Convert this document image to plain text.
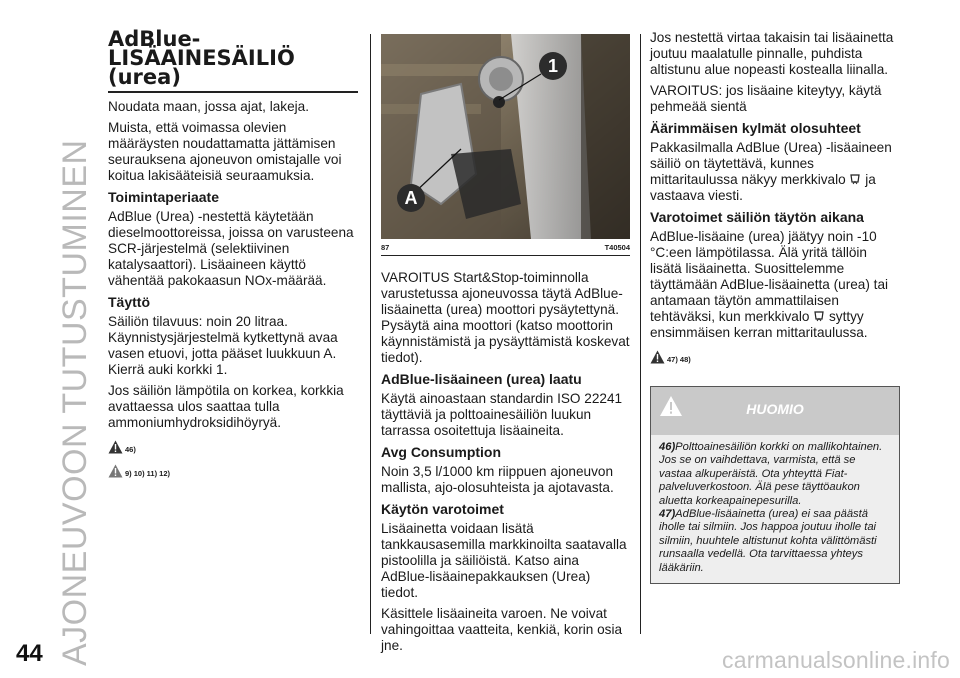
AJONEUVOON TUTUSTUMINEN
44	carmanualsonline.info
AdBlue-
LISÄAINESÄILIÖ
(urea)

Noudata maan, jossa ajat, lakeja.

Muista, että voimassa olevien määräysten noudattamatta jättämisen seurauksena ajoneuvon omistajalle voi koitua lakisääteisiä seuraamuksia.

Toimintaperiaate

AdBlue (Urea) -nestettä käytetään dieselmoottoreissa, joissa on varusteena SCR-järjestelmä (selektiivinen katalysaattori). Lisäaineen käyttö vähentää pakokaasun NOx-määrää.

Täyttö

Säiliön tilavuus: noin 20 litraa. Käynnistysjärjestelmä kytkettynä avaa vasen etuovi, jotta pääset luukkuun A. Kierrä auki korkki 1.

Jos säiliön lämpötila on korkea, korkkia avattaessa ulos saattaa tulla ammoniumhydroksidihöyryä.

46)
9) 10) 11) 12)
1
A
87	T40504

VAROITUS Start&Stop-toiminnolla varustetussa ajoneuvossa täytä AdBlue-lisäainetta (urea) moottori pysäytettynä. Pysäytä aina moottori (katso moottorin käynnistämistä ja pysäyttämistä koskevat tiedot).

AdBlue-lisäaineen (urea) laatu

Käytä ainoastaan standardin ISO 22241 täyttäviä ja polttoainesäiliön luukun tarrassa osoitettuja lisäaineita.

Avg Consumption

Noin 3,5 l/1000 km riippuen ajoneuvon mallista, ajo-olosuhteista ja ajotavasta.

Käytön varotoimet

Lisäainetta voidaan lisätä tankkausasemilla markkinoilta saatavalla pistoolilla ja säiliöistä. Katso aina AdBlue-lisäainepakkauksen (Urea) tiedot.

Käsittele lisäaineita varoen. Ne voivat vahingoittaa vaatteita, kenkiä, korin osia jne.

Jos nestettä virtaa takaisin tai lisäainetta joutuu maalatulle pinnalle, puhdista altistunu alue nopeasti kostealla liinalla.

VAROITUS: jos lisäaine kiteytyy, käytä pehmeää sientä

Äärimmäisen kylmät olosuhteet

Pakkasilmalla AdBlue (Urea) -lisäaineen säiliö on täytettävä, kunnes mittaritaulussa näkyy merkkivalo ja vastaava viesti.

Varotoimet säiliön täytön aikana

AdBlue-lisäaine (urea) jäätyy noin -10 °C:een lämpötilassa. Älä yritä tällöin lisätä lisäainetta. Suosittelemme täyttämään AdBlue-lisäainetta (urea) tai antamaan täytön ammattilaisen tehtäväksi, kun merkkivalo syttyy ensimmäisen kerran mittaritaulussa.

47) 48)
HUOMIO

46)Polttoainesäiliön korkki on mallikohtainen. Jos se on vaihdettava, varmista, että se vastaa alkuperäistä. Ota yhteyttä Fiat-palveluverkostoon. Älä pese täyttöaukon aluetta korkeapainepesurilla.

47)AdBlue-lisäainetta (urea) ei saa päästä iholle tai silmiin. Jos happoa joutuu iholle tai silmiin, huuhtele altistunut kohta välittömästi runsaalla vedellä. Ota tarvittaessa yhteys lääkäriin.
